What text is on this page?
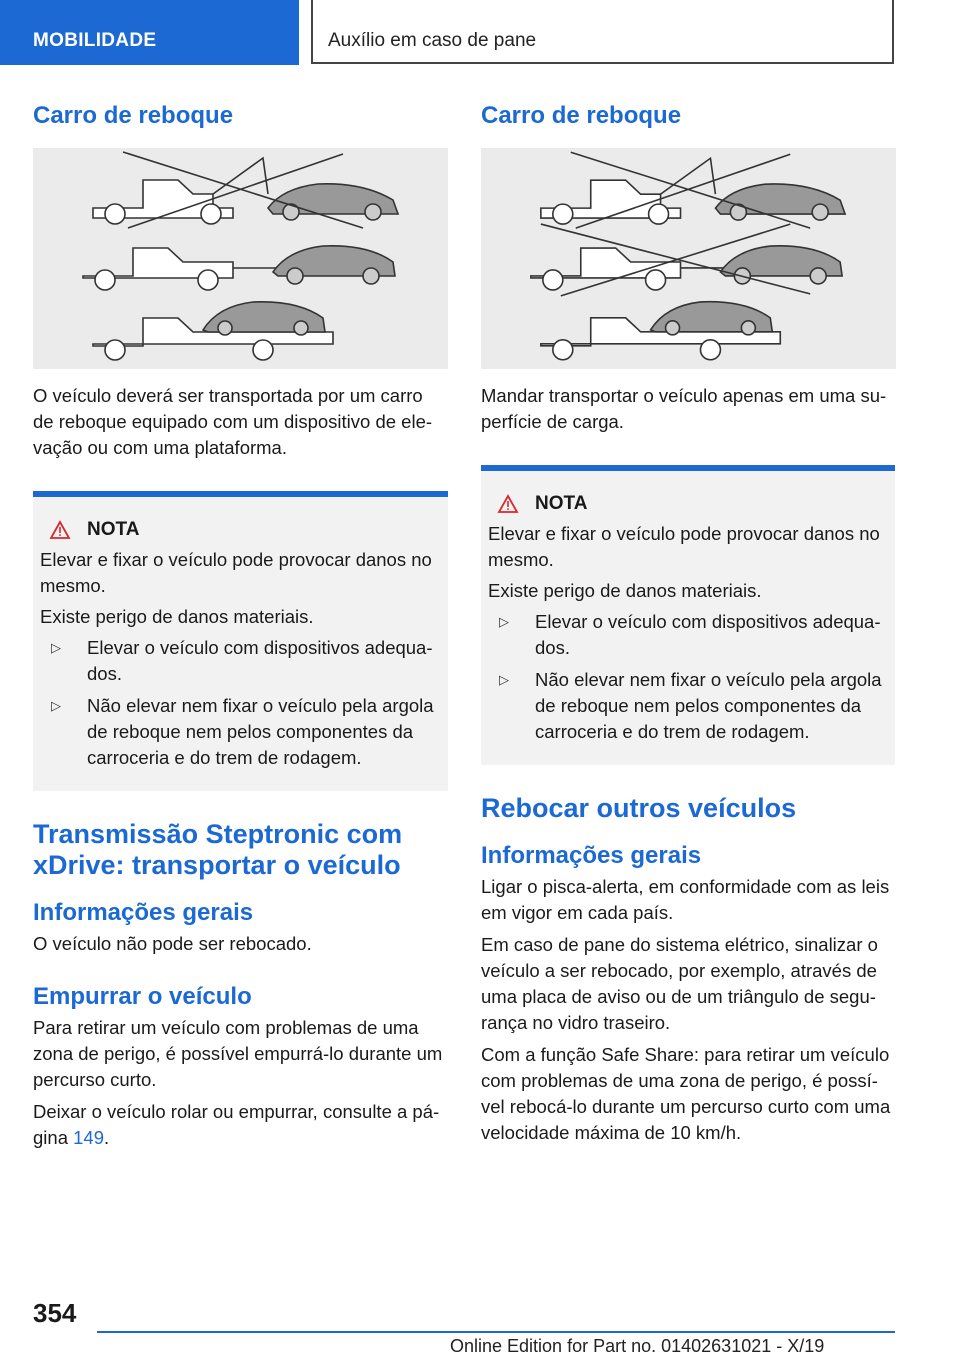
MOBILIDADE	Auxílio em caso de pane
Carro de reboque

O veículo deverá ser transportada por um carro de reboque equipado com um dispositivo de elevação ou com uma plataforma.

NOTA

Elevar e fixar o veículo pode provocar danos no mesmo.

Existe perigo de danos materiais.

▷	Elevar o veículo com dispositivos adequados.
▷	Não elevar nem fixar o veículo pela argola de reboque nem pelos componentes da carroceria e do trem de rodagem.
Transmissão Steptronic com xDrive: transportar o veículo
Informações gerais

O veículo não pode ser rebocado.

Empurrar o veículo

Para retirar um veículo com problemas de uma zona de perigo, é possível empurrá-lo durante um percurso curto.

Deixar o veículo rolar ou empurrar, consulte a página 149.

Carro de reboque

Mandar transportar o veículo apenas em uma superfície de carga.

NOTA

Elevar e fixar o veículo pode provocar danos no mesmo.

Existe perigo de danos materiais.

▷	Elevar o veículo com dispositivos adequados.
▷	Não elevar nem fixar o veículo pela argola de reboque nem pelos componentes da carroceria e do trem de rodagem.
Rebocar outros veículos
Informações gerais

Ligar o pisca-alerta, em conformidade com as leis em vigor em cada país.

Em caso de pane do sistema elétrico, sinalizar o veículo a ser rebocado, por exemplo, através de uma placa de aviso ou de um triângulo de segurança no vidro traseiro.

Com a função Safe Share: para retirar um veículo com problemas de uma zona de perigo, é possível rebocá-lo durante um percurso curto com uma velocidade máxima de 10 km/h.

354
Online Edition for Part no. 01402631021 - X/19
